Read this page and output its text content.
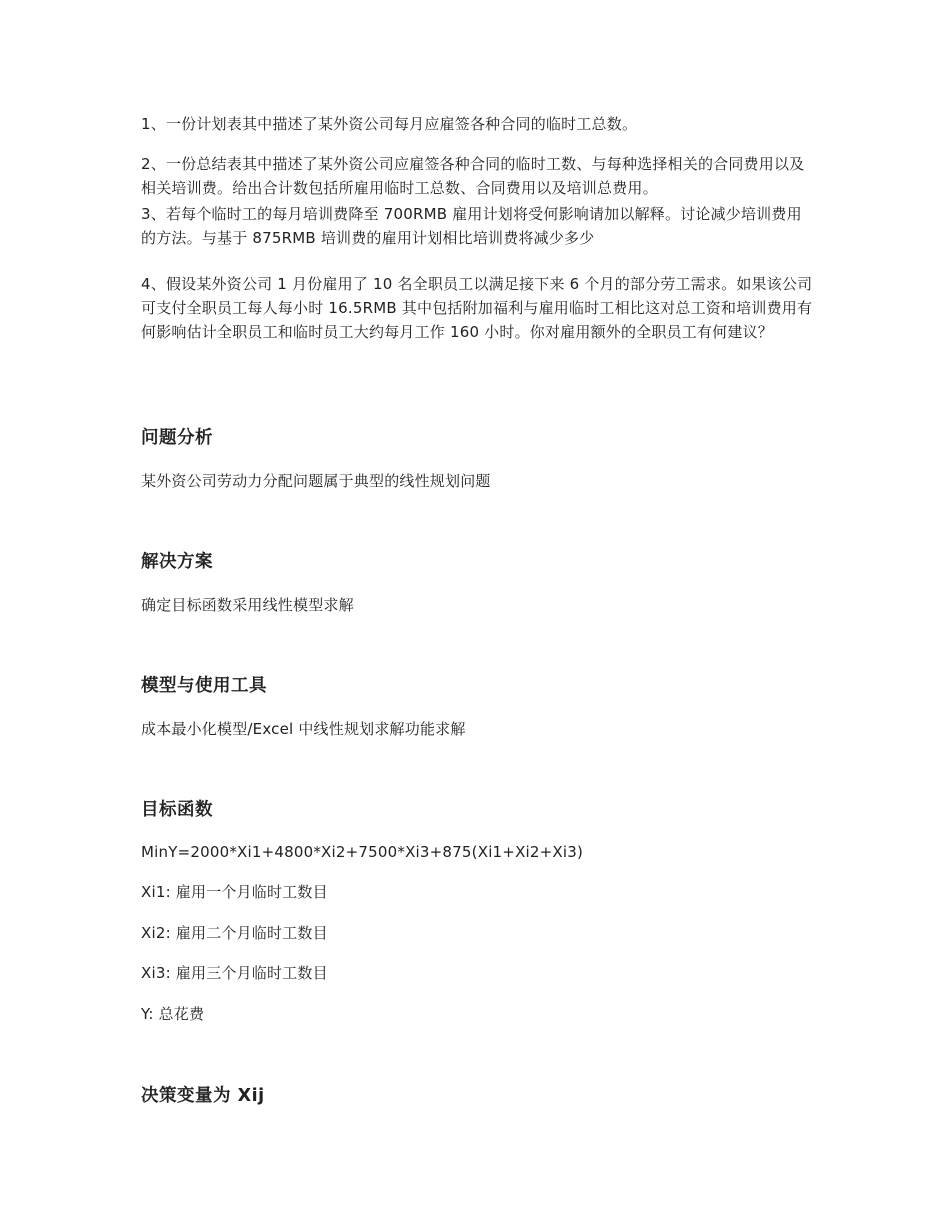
1、一份计划表其中描述了某外资公司每月应雇签各种合同的临时工总数。

2、一份总结表其中描述了某外资公司应雇签各种合同的临时工数、与每种选择相关的合同费用以及相关培训费。给出合计数包括所雇用临时工总数、合同费用以及培训总费用。

3、若每个临时工的每月培训费降至 700RMB 雇用计划将受何影响请加以解释。讨论减少培训费用的方法。与基于 875RMB 培训费的雇用计划相比培训费将减少多少

4、假设某外资公司 1 月份雇用了 10 名全职员工以满足接下来 6 个月的部分劳工需求。如果该公司可支付全职员工每人每小时 16.5RMB 其中包括附加福利与雇用临时工相比这对总工资和培训费用有何影响估计全职员工和临时员工大约每月工作 160 小时。你对雇用额外的全职员工有何建议？

问题分析

某外资公司劳动力分配问题属于典型的线性规划问题

解决方案

确定目标函数采用线性模型求解

模型与使用工具

成本最小化模型/Excel 中线性规划求解功能求解

目标函数

MinY=2000*Xi1+4800*Xi2+7500*Xi3+875(Xi1+Xi2+Xi3)

Xi1: 雇用一个月临时工数目

Xi2: 雇用二个月临时工数目

Xi3: 雇用三个月临时工数目

Y: 总花费

决策变量为 Xij
